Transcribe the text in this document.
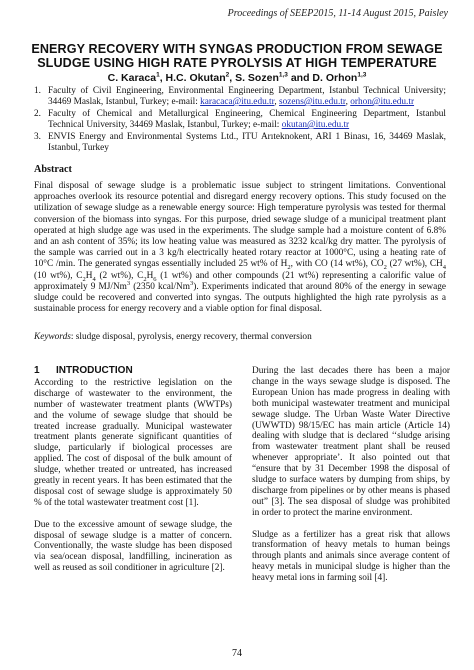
Proceedings of SEEP2015, 11-14 August 2015, Paisley
ENERGY RECOVERY WITH SYNGAS PRODUCTION FROM SEWAGE
SLUDGE USING HIGH RATE PYROLYSIS AT HIGH TEMPERATURE
C. Karaca$^1$, H.C. Okutan$^2$, S. Sozen$^{1,3}$ and D. Orhon$^{1,3}$
1. Faculty of Civil Engineering, Environmental Engineering Department, Istanbul Technical University; 34469 Maslak, Istanbul, Turkey; e-mail: karacaca@itu.edu.tr, sozens@itu.edu.tr, orhon@itu.edu.tr
2. Faculty of Chemical and Metallurgical Engineering, Chemical Engineering Department, Istanbul Technical University, 34469 Maslak, Istanbul, Turkey; e-mail: okutan@itu.edu.tr
3. ENVIS Energy and Environmental Systems Ltd., ITU Arıteknokent, ARI 1 Binası, 16, 34469 Maslak, Istanbul, Turkey
Abstract

Final disposal of sewage sludge is a problematic issue subject to stringent limitations. Conventional approaches overlook its resource potential and disregard energy recovery options. This study focused on the utilization of sewage sludge as a renewable energy source: High temperature pyrolysis was tested for thermal conversion of the biomass into syngas. For this purpose, dried sewage sludge of a municipal treatment plant operated at high sludge age was used in the experiments. The sludge sample had a moisture content of 6.8% and an ash content of 35%; its low heating value was measured as 3232 kcal/kg dry matter. The pyrolysis of the sample was carried out in a 3 kg/h electrically heated rotary reactor at 1000°C, using a heating rate of 10°C /min. The generated syngas essentially included 25 wt% of $H_2$, with CO (14 wt%), $CO_2$ (27 wt%), $CH_4$ (10 wt%), $C_2H_4$ (2 wt%), $C_2H_6$ (1 wt%) and other compounds (21 wt%) representing a calorific value of approximately 9 MJ/Nm$^3$ (2350 kcal/Nm$^3$). Experiments indicated that around 80% of the energy in sewage sludge could be recovered and converted into syngas. The outputs highlighted the high rate pyrolysis as a sustainable process for energy recovery and a viable option for final disposal.

Keywords: sludge disposal, pyrolysis, energy recovery, thermal conversion
1	INTRODUCTION

According to the restrictive legislation on the discharge of wastewater to the environment, the number of wastewater treatment plants (WWTPs) and the volume of sewage sludge that should be treated increase gradually. Municipal wastewater treatment plants generate significant quantities of sludge, particularly if biological processes are applied. The cost of disposal of the bulk amount of sludge, whether treated or untreated, has increased greatly in recent years. It has been estimated that the disposal cost of sewage sludge is approximately 50 % of the total wastewater treatment cost [1].

Due to the excessive amount of sewage sludge, the disposal of sewage sludge is a matter of concern. Conventionally, the waste sludge has been disposed via sea/ocean disposal, landfilling, incineration as well as reused as soil conditioner in agriculture [2].

During the last decades there has been a major change in the ways sewage sludge is disposed. The European Union has made progress in dealing with both municipal wastewater treatment and municipal sewage sludge. The Urban Waste Water Directive (UWWTD) 98/15/EC has main article (Article 14) dealing with sludge that is declared ‘‘sludge arising from wastewater treatment plant shall be reused whenever appropriate’. It also pointed out that “ensure that by 31 December 1998 the disposal of sludge to surface waters by dumping from ships, by discharge from pipelines or by other means is phased out” [3]. The sea disposal of sludge was prohibited in order to protect the marine environment.

Sludge as a fertilizer has a great risk that allows transformation of heavy metals to human beings through plants and animals since average content of heavy metals in municipal sludge is higher than the heavy metal ions in farming soil [4].

74
